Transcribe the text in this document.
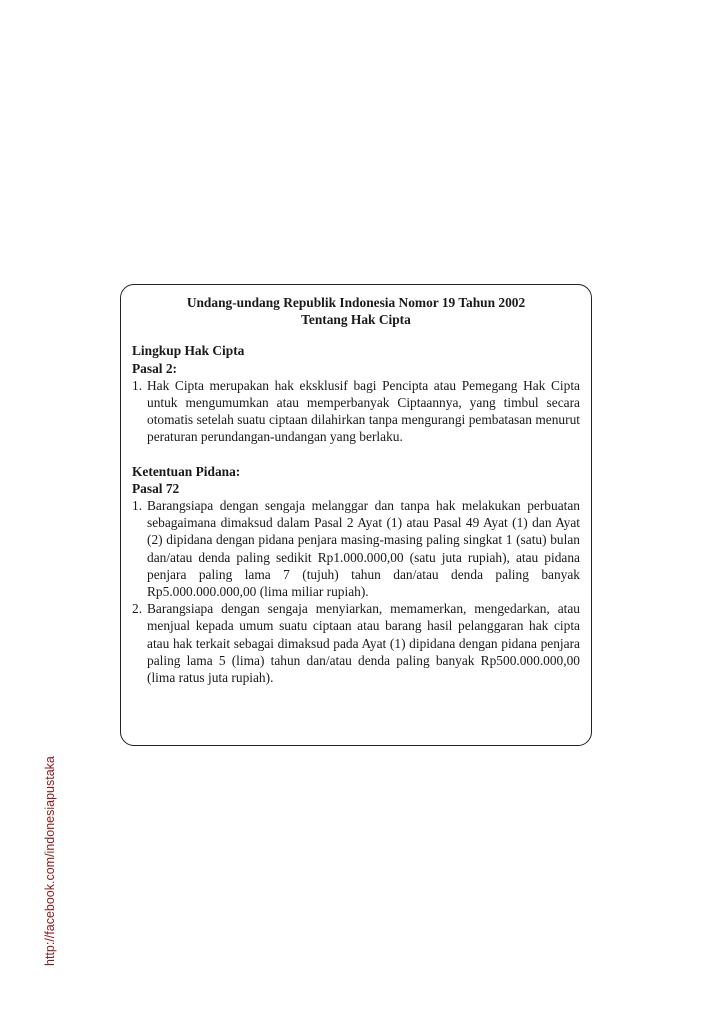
Undang-undang Republik Indonesia Nomor 19 Tahun 2002
Tentang Hak Cipta
Lingkup Hak Cipta
Pasal 2:
1. Hak Cipta merupakan hak eksklusif bagi Pencipta atau Pemegang Hak Cipta untuk mengumumkan atau memperbanyak Ciptaannya, yang timbul secara otomatis setelah suatu ciptaan dilahirkan tanpa mengurangi pembatasan menurut peraturan perundangan-undangan yang berlaku.
Ketentuan Pidana:
Pasal 72
1. Barangsiapa dengan sengaja melanggar dan tanpa hak melakukan perbuatan sebagaimana dimaksud dalam Pasal 2 Ayat (1) atau Pasal 49 Ayat (1) dan Ayat (2) dipidana dengan pidana penjara masing-masing paling singkat 1 (satu) bulan dan/atau denda paling sedikit Rp1.000.000,00 (satu juta rupiah), atau pidana penjara paling lama 7 (tujuh) tahun dan/atau denda paling banyak Rp5.000.000.000,00 (lima miliar rupiah).
2. Barangsiapa dengan sengaja menyiarkan, memamerkan, mengedarkan, atau menjual kepada umum suatu ciptaan atau barang hasil pelanggaran hak cipta atau hak terkait sebagai dimaksud pada Ayat (1) dipidana dengan pidana penjara paling lama 5 (lima) tahun dan/atau denda paling banyak Rp500.000.000,00 (lima ratus juta rupiah).
http://facebook.com/indonesiapustaka
